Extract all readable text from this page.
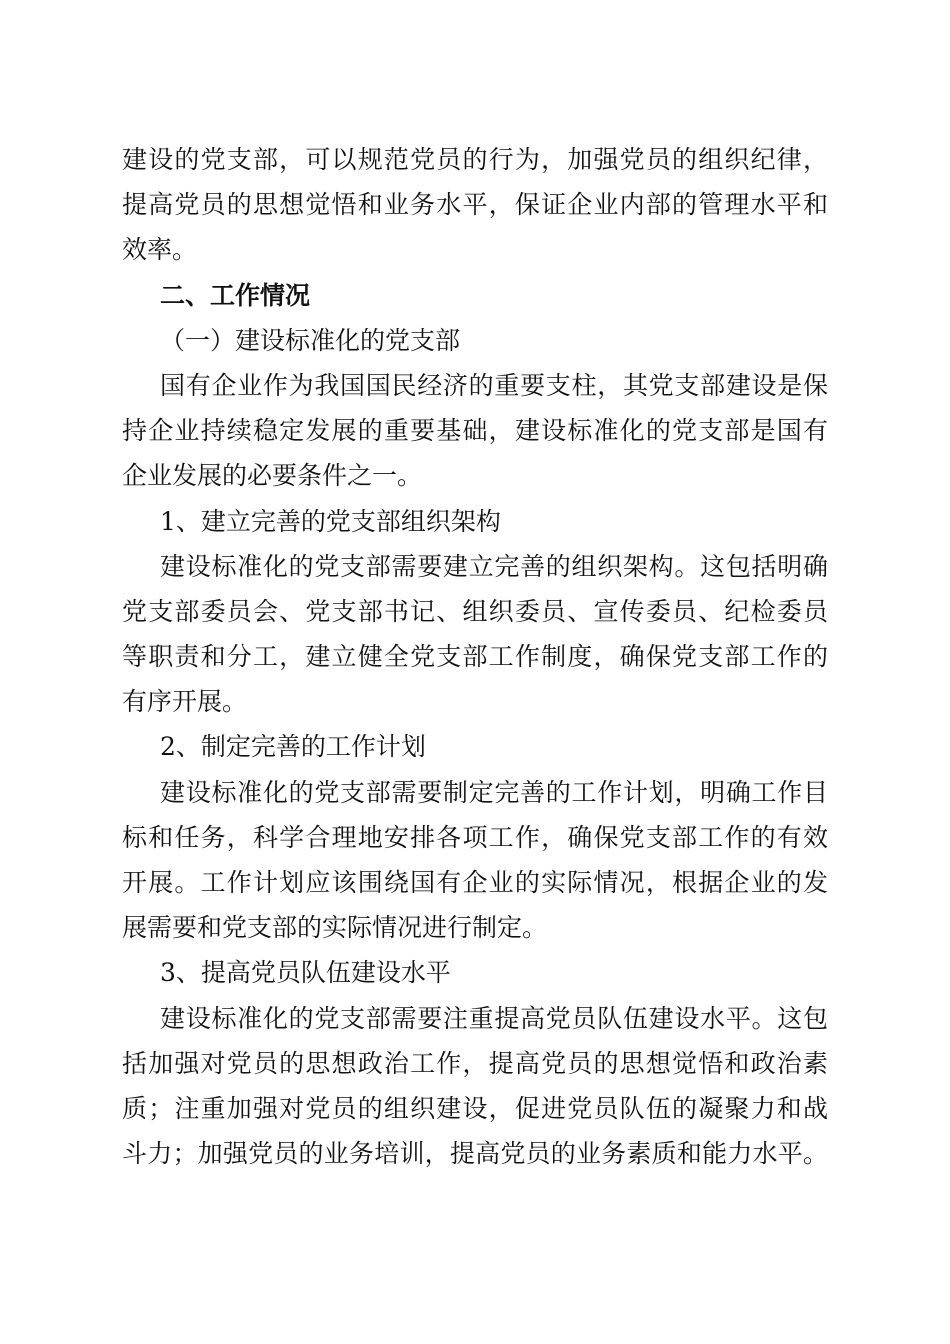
建设的党支部，可以规范党员的行为，加强党员的组织纪律，
提高党员的思想觉悟和业务水平，保证企业内部的管理水平和
效率。
二、工作情况
（一）建设标准化的党支部
国有企业作为我国国民经济的重要支柱，其党支部建设是保
持企业持续稳定发展的重要基础，建设标准化的党支部是国有
企业发展的必要条件之一。
1、建立完善的党支部组织架构
建设标准化的党支部需要建立完善的组织架构。这包括明确
党支部委员会、党支部书记、组织委员、宣传委员、纪检委员
等职责和分工，建立健全党支部工作制度，确保党支部工作的
有序开展。
2、制定完善的工作计划
建设标准化的党支部需要制定完善的工作计划，明确工作目
标和任务，科学合理地安排各项工作，确保党支部工作的有效
开展。工作计划应该围绕国有企业的实际情况，根据企业的发
展需要和党支部的实际情况进行制定。
3、提高党员队伍建设水平
建设标准化的党支部需要注重提高党员队伍建设水平。这包
括加强对党员的思想政治工作，提高党员的思想觉悟和政治素
质；注重加强对党员的组织建设，促进党员队伍的凝聚力和战
斗力；加强党员的业务培训，提高党员的业务素质和能力水平。
